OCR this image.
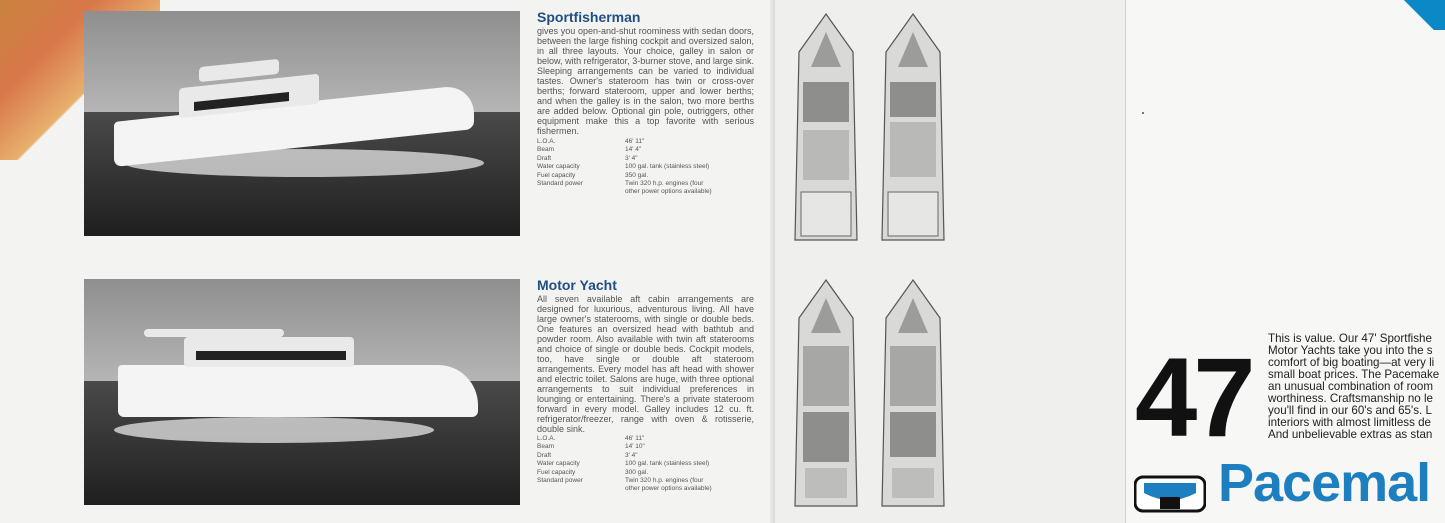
Sportfisherman
gives you open-and-shut roominess with sedan doors, between the large fishing cockpit and oversized salon, in all three layouts. Your choice, galley in salon or below, with refrigerator, 3-burner stove, and large sink. Sleeping arrangements can be varied to individual tastes. Owner's stateroom has twin or cross-over berths; forward stateroom, upper and lower berths; and when the galley is in the salon, two more berths are added below. Optional gin pole, outriggers, other equipment make this a top favorite with serious fishermen.
L.O.A.	46' 11"
Beam	14' 4"
Draft	3' 4"
Water capacity	100 gal. tank (stainless steel)
Fuel capacity	350 gal.
Standard power	Twin 320 h.p. engines (four
other power options available)
Motor Yacht
All seven available aft cabin arrangements are designed for luxurious, adventurous living. All have large owner's staterooms, with single or double beds. One features an oversized head with bathtub and powder room. Also available with twin aft staterooms and choice of single or double beds. Cockpit models, too, have single or double aft stateroom arrangements. Every model has aft head with shower and electric toilet. Salons are huge, with three optional arrangements to suit individual preferences in lounging or entertaining. There's a private stateroom forward in every model. Galley includes 12 cu. ft. refrigerator/freezer, range with oven & rotisserie, double sink.
L.O.A.	46' 11"
Beam	14' 10"
Draft	3' 4"
Water capacity	100 gal. tank (stainless steel)
Fuel capacity	300 gal.
Standard power	Twin 320 h.p. engines (four
other power options available)
47 This is value. Our 47' Sportfishe
Motor Yachts take you into the s
comfort of big boating—at very li
small boat prices. The Pacemake
an unusual combination of room
worthiness. Craftsmanship no le
you'll find in our 60's and 65's. L
interiors with almost limitless de
And unbelievable extras as stan
Pacemal
